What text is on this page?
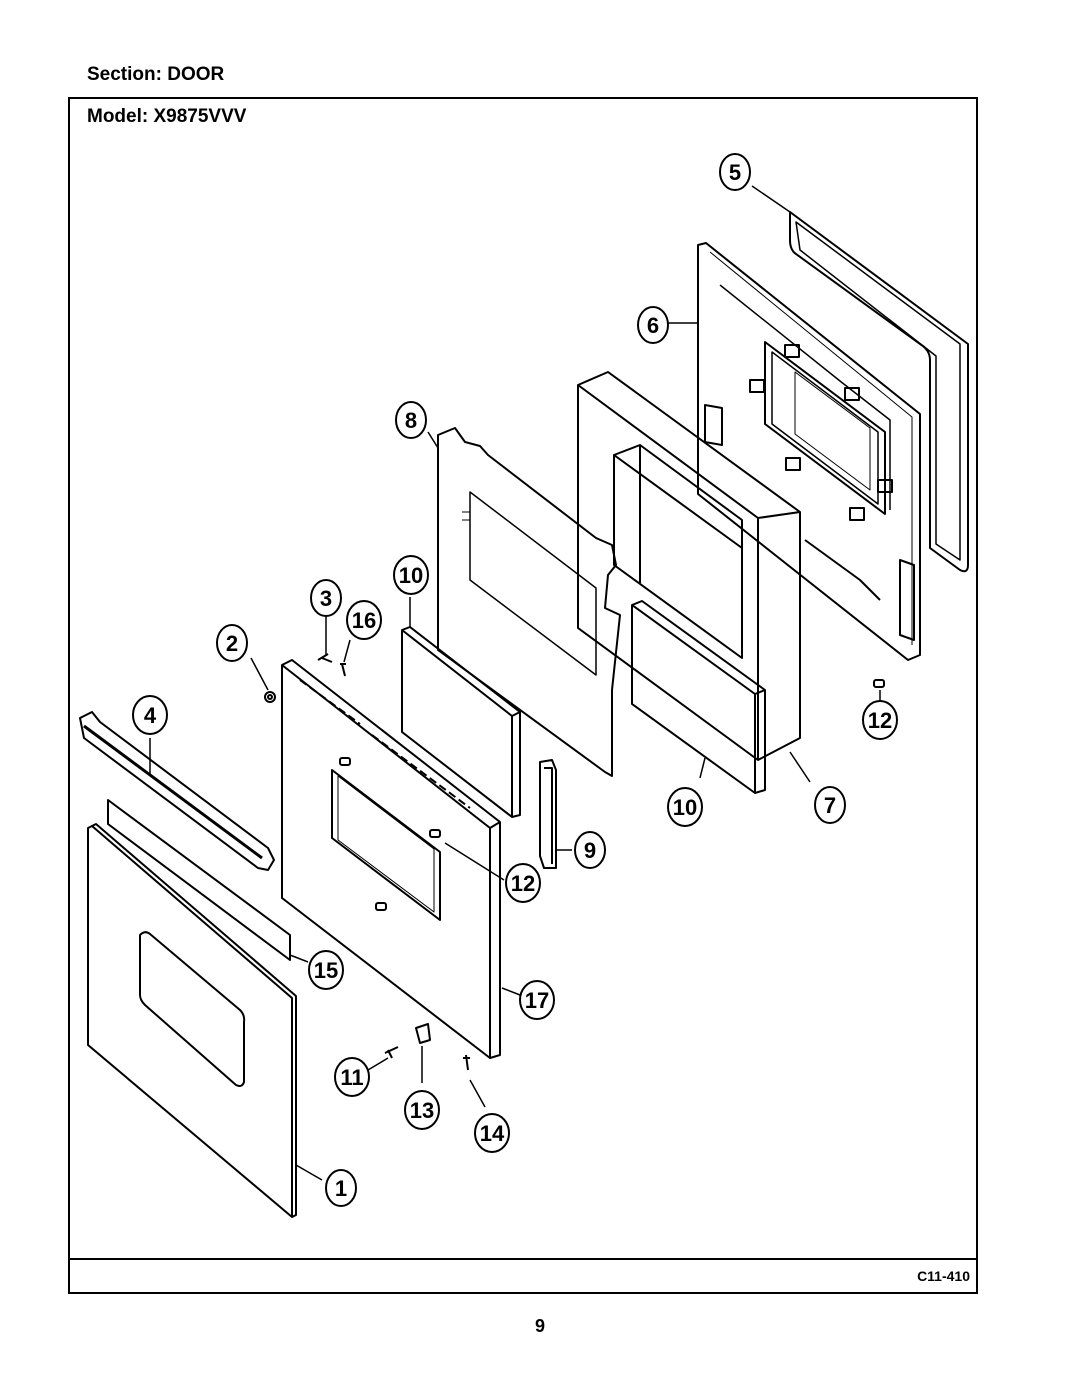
Section: DOOR
Model: X9875VVV
5
6
8
10
3
16
2
4	12
10	7
9
12
15
17
11
13
14
1
C11-410
9
